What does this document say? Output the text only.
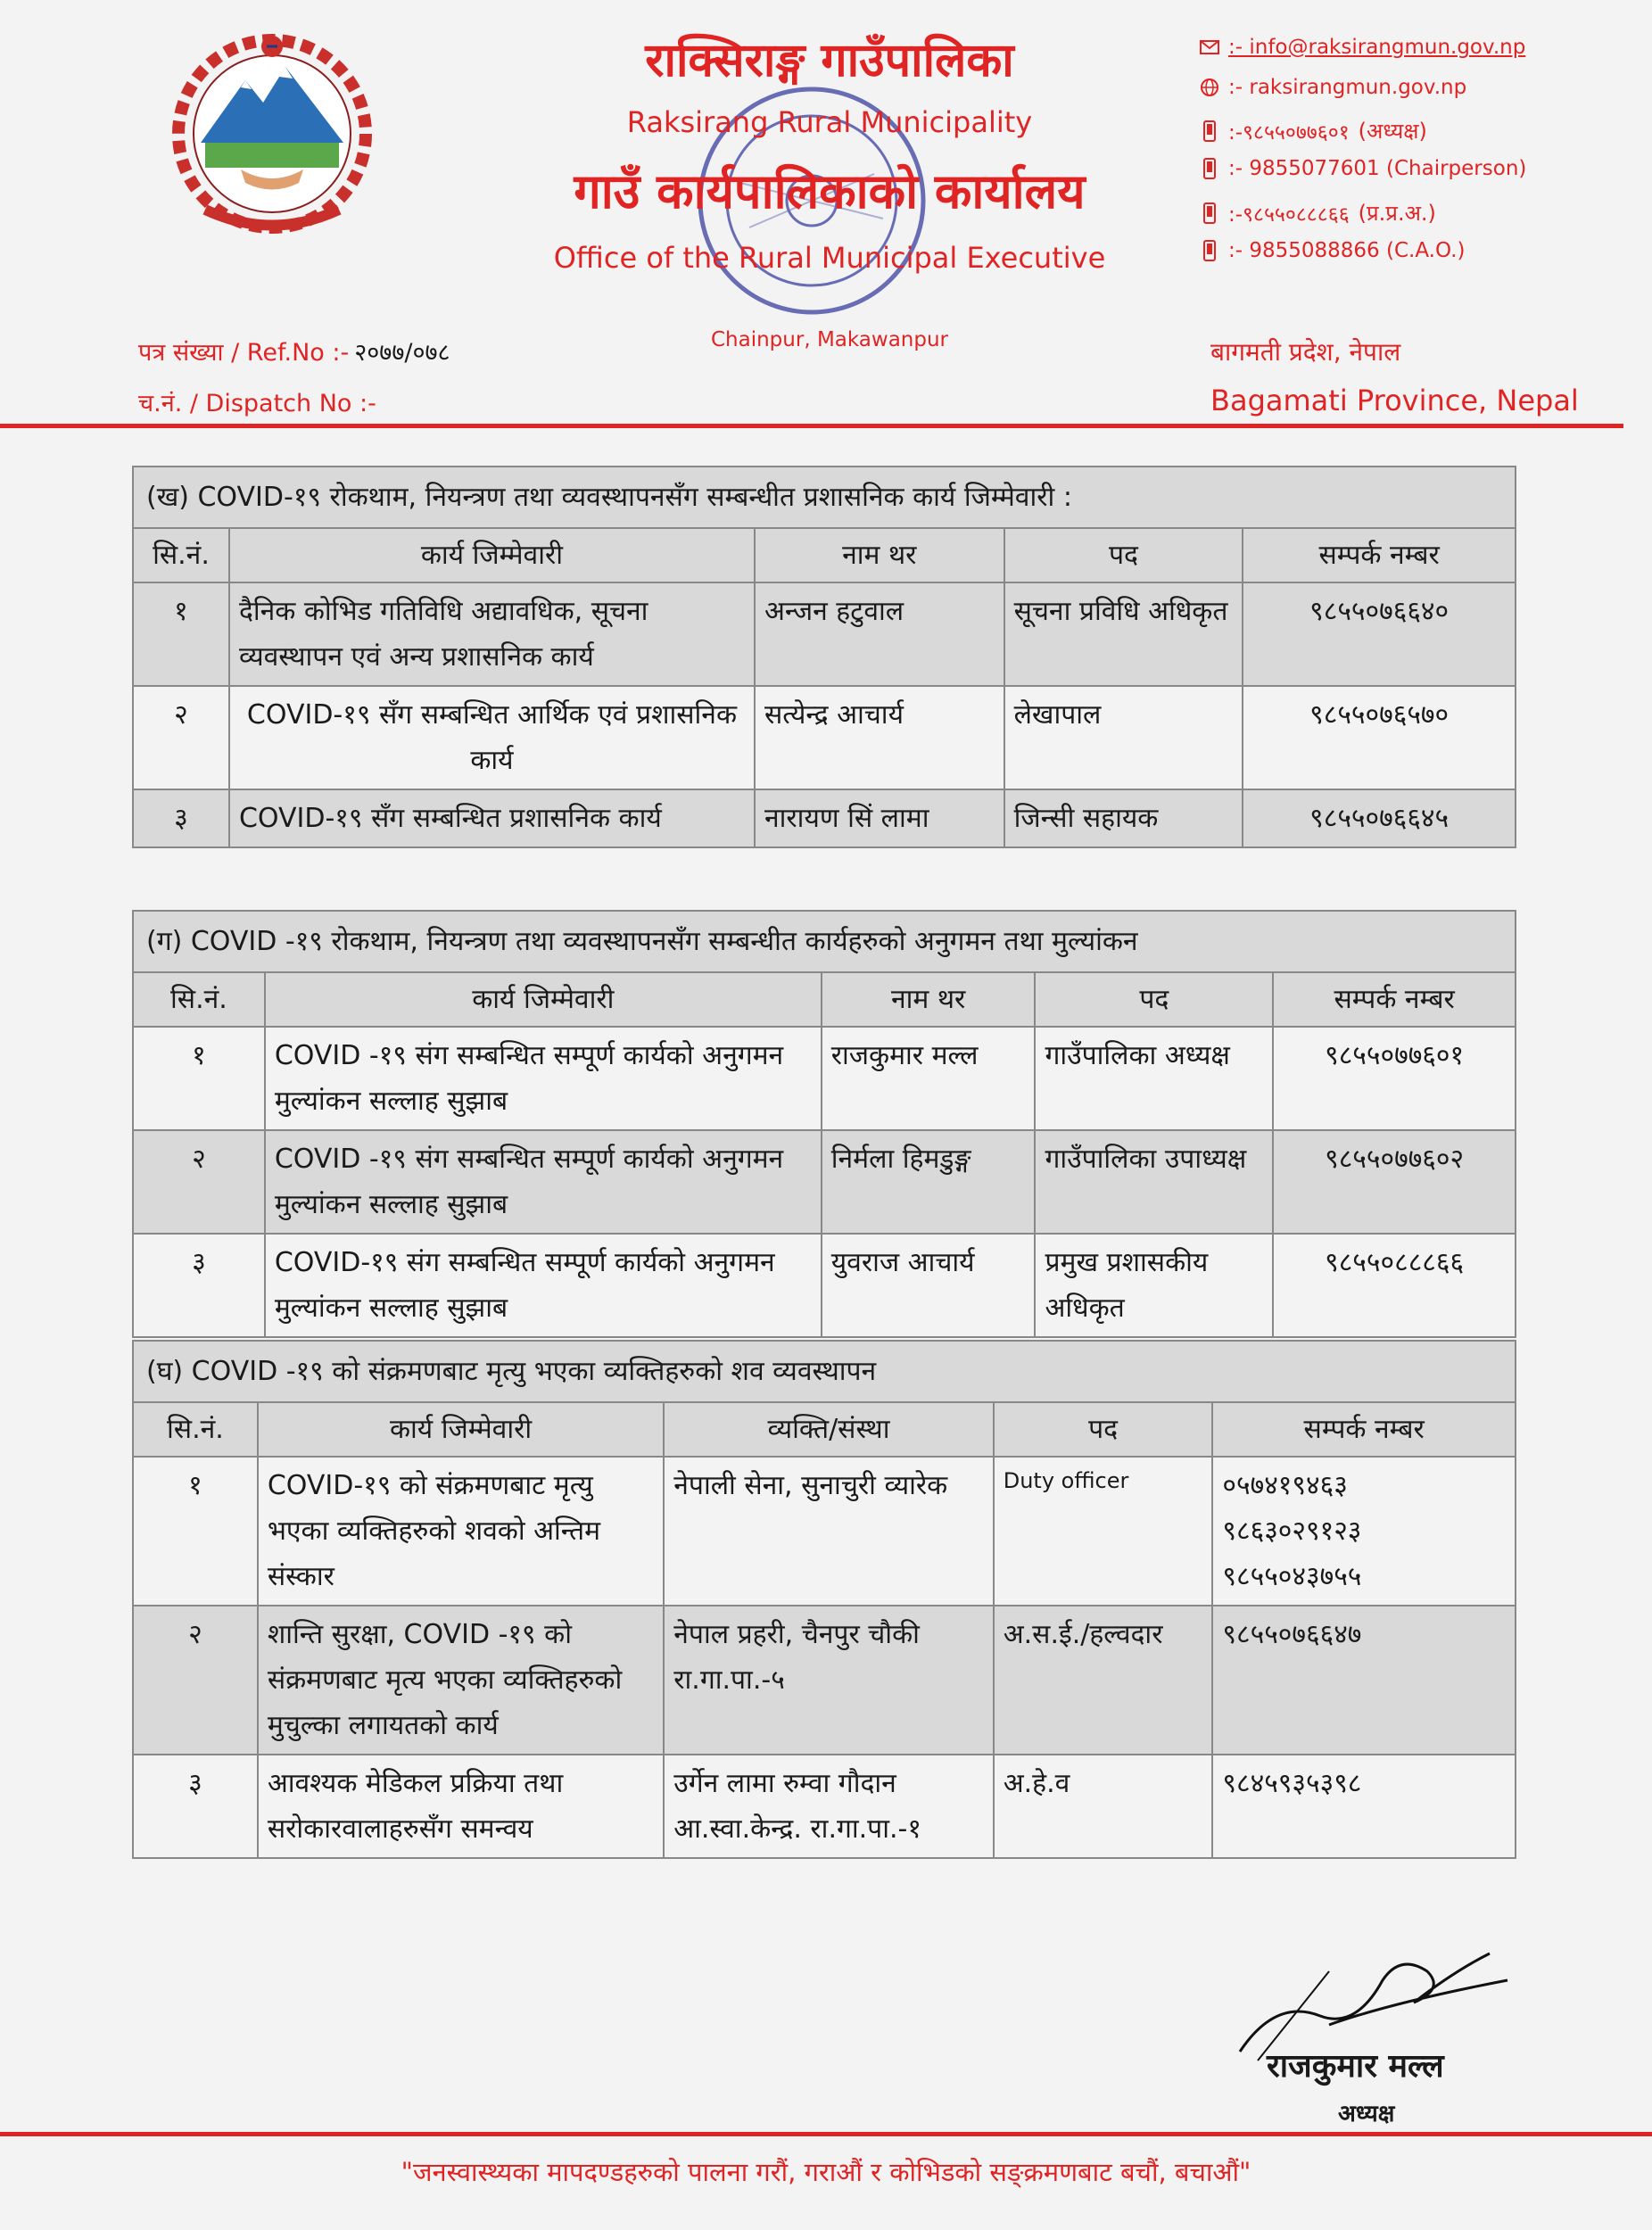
राक्सिराङ्ग गाउँपालिका
Raksirang Rural Municipality
गाउँ कार्यपालिकाको कार्यालय
Office of the Rural Municipal Executive
Chainpur, Makawanpur
:- info@raksirangmun.gov.np
:- raksirangmun.gov.np
:-९८५५०७७६०१ (अध्यक्ष)
:- 9855077601 (Chairperson)
:-९८५५०८८८६६ (प्र.प्र.अ.)
:- 9855088866 (C.A.O.)
पत्र संख्या / Ref.No :- २०७७/०७८
च.नं. / Dispatch No :-
बागमती प्रदेश, नेपाल
Bagamati Province, Nepal
(ख) COVID-१९ रोकथाम, नियन्त्रण तथा व्यवस्थापनसँग सम्बन्धीत प्रशासनिक कार्य जिम्मेवारी :				
सि.नं.	कार्य जिम्मेवारी	नाम थर	पद	सम्पर्क नम्बर
१	दैनिक कोभिड गतिविधि अद्यावधिक, सूचना व्यवस्थापन एवं अन्य प्रशासनिक कार्य	अन्जन हटुवाल	सूचना प्रविधि अधिकृत	९८५५०७६६४०
२	COVID-१९ सँग सम्बन्धित आर्थिक एवं प्रशासनिक कार्य	सत्येन्द्र आचार्य	लेखापाल	९८५५०७६५७०
३	COVID-१९ सँग सम्बन्धित प्रशासनिक कार्य	नारायण सिं लामा	जिन्सी सहायक	९८५५०७६६४५
(ग) COVID -१९ रोकथाम, नियन्त्रण तथा व्यवस्थापनसँग सम्बन्धीत कार्यहरुको अनुगमन तथा मुल्यांकन				
सि.नं.	कार्य जिम्मेवारी	नाम थर	पद	सम्पर्क नम्बर
१	COVID -१९ संग सम्बन्धित सम्पूर्ण कार्यको अनुगमन मुल्यांकन सल्लाह सुझाब	राजकुमार मल्ल	गाउँपालिका अध्यक्ष	९८५५०७७६०१
२	COVID -१९ संग सम्बन्धित सम्पूर्ण कार्यको अनुगमन मुल्यांकन सल्लाह सुझाब	निर्मला हिमडुङ्ग	गाउँपालिका उपाध्यक्ष	९८५५०७७६०२
३	COVID-१९ संग सम्बन्धित सम्पूर्ण कार्यको अनुगमन मुल्यांकन सल्लाह सुझाब	युवराज आचार्य	प्रमुख प्रशासकीय अधिकृत	९८५५०८८८६६
(घ) COVID -१९ को संक्रमणबाट मृत्यु भएका व्यक्तिहरुको शव व्यवस्थापन				
सि.नं.	कार्य जिम्मेवारी	व्यक्ति/संस्था	पद	सम्पर्क नम्बर
१	COVID-१९ को संक्रमणबाट मृत्यु भएका व्यक्तिहरुको शवको अन्तिम संस्कार	नेपाली सेना, सुनाचुरी व्यारेक	Duty officer	०५७४१९४६३
९८६३०२९१२३
९८५५०४३७५५

२	शान्ति सुरक्षा, COVID -१९ को संक्रमणबाट मृत्य भएका व्यक्तिहरुको मुचुल्का लगायतको कार्य	नेपाल प्रहरी, चैनपुर चौकी रा.गा.पा.-५	अ.स.ई./हल्वदार	९८५५०७६६४७
३	आवश्यक मेडिकल प्रक्रिया तथा सरोकारवालाहरुसँग समन्वय	उर्गेन लामा रुम्वा गौदान आ.स्वा.केन्द्र. रा.गा.पा.-१	अ.हे.व	९८४५९३५३९८
राजकुमार मल्ल
अध्यक्ष
"जनस्वास्थ्यका मापदण्डहरुको पालना गरौं, गराऔं र कोभिडको सङ्क्रमणबाट बचौं, बचाऔं"
